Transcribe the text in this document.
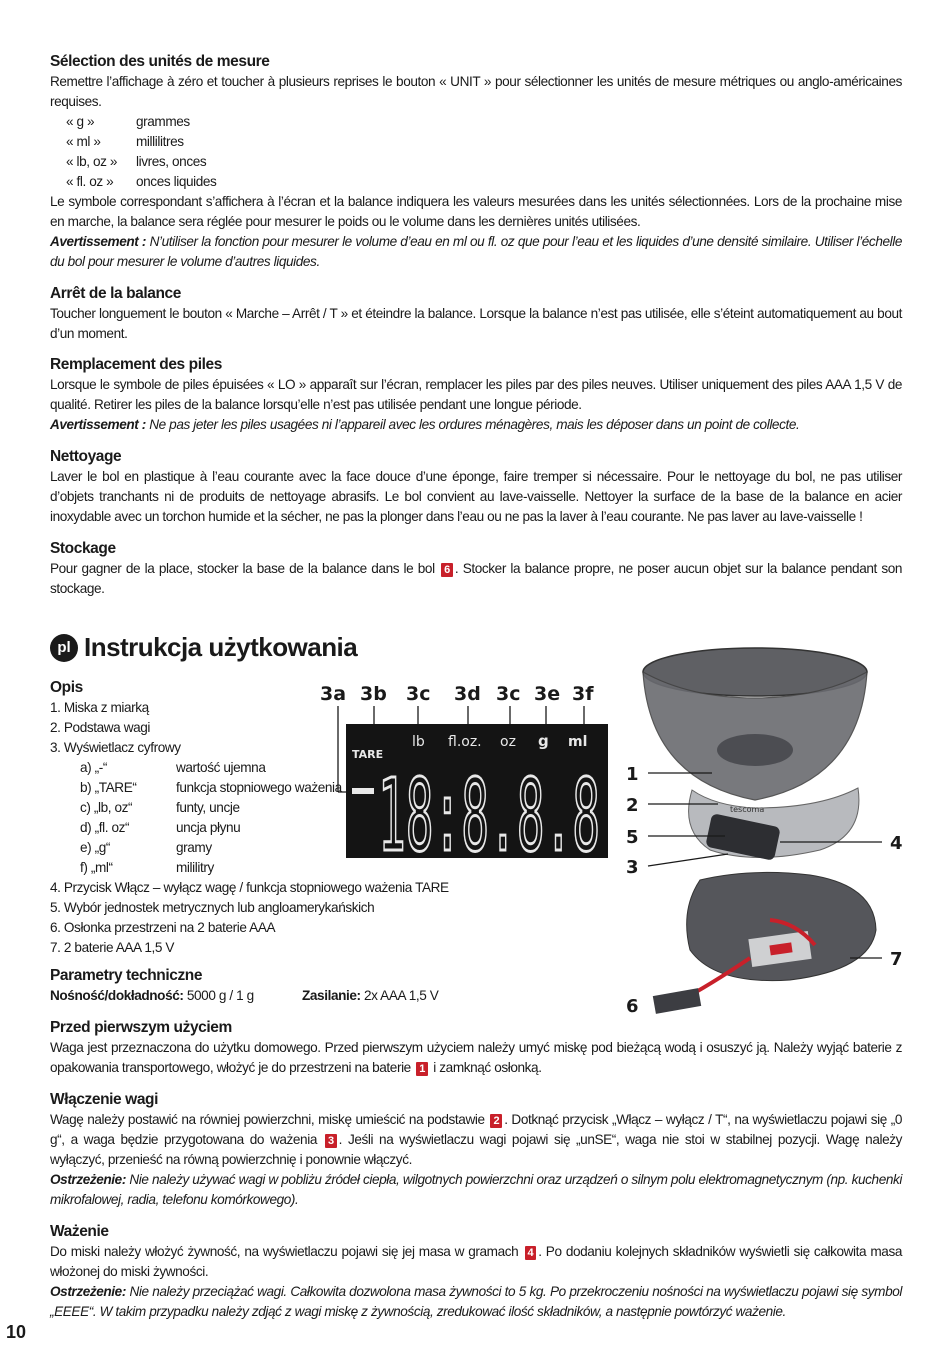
Sélection des unités de mesure

Remettre l’affichage à zéro et toucher à plusieurs reprises le bouton « UNIT » pour sélectionner les unités de mesure métriques ou anglo-américaines requises.

« g »	grammes
« ml »	millilitres
« lb, oz »	livres, onces
« fl. oz »	onces liquides

Le symbole correspondant s’affichera à l’écran et la balance indiquera les valeurs mesurées dans les unités sélectionnées. Lors de la prochaine mise en marche, la balance sera réglée pour mesurer le poids ou le volume dans les dernières unités utilisées.

Avertissement : N’utiliser la fonction pour mesurer le volume d’eau en ml ou fl. oz que pour l’eau et les liquides d’une densité similaire. Utiliser l’échelle du bol pour mesurer le volume d’autres liquides.

Arrêt de la balance

Toucher longuement le bouton « Marche – Arrêt / T » et éteindre la balance. Lorsque la balance n’est pas utilisée, elle s’éteint automatiquement au bout d’un moment.

Remplacement des piles

Lorsque le symbole de piles épuisées « LO » apparaît sur l’écran, remplacer les piles par des piles neuves. Utiliser uniquement des piles AAA 1,5 V de qualité. Retirer les piles de la balance lorsqu’elle n’est pas utilisée pendant une longue période.

Avertissement : Ne pas jeter les piles usagées ni l’appareil avec les ordures ménagères, mais les déposer dans un point de collecte.

Nettoyage

Laver le bol en plastique à l’eau courante avec la face douce d’une éponge, faire tremper si nécessaire. Pour le nettoyage du bol, ne pas utiliser d’objets tranchants ni de produits de nettoyage abrasifs. Le bol convient au lave-vaisselle. Nettoyer la surface de la base de la balance en acier inoxydable avec un torchon humide et la sécher, ne pas la plonger dans l’eau ou ne pas la laver à l’eau courante. Ne pas laver au lave-vaisselle !

Stockage

Pour gagner de la place, stocker la base de la balance dans le bol 6 . Stocker la balance propre, ne poser aucun objet sur la balance pendant son stockage.

pl Instrukcja użytkowania
Opis
1. Miska z miarką
2. Podstawa wagi
3. Wyświetlacz cyfrowy
a) „-“	wartość ujemna
b) „TARE“	funkcja stopniowego ważenia
c) „lb, oz“	funty, uncje
d) „fl. oz“	uncja płynu
e) „g“	gramy
f) „ml“	mililitry
4. Przycisk Włącz – wyłącz wagę / funkcja stopniowego ważenia TARE
5. Wybór jednostek metrycznych lub angloamerykańskich
6. Osłonka przestrzeni na 2 baterie AAA
7. 2 baterie AAA 1,5 V
3a 3b 3c 3d 3c 3e 3f
TARE
lb fl.oz. oz g ml
18:8.8.8	tescoma
1
2
5
3
4
7
6
Parametry techniczne
Nośność/dokładność: 5000 g / 1 g	Zasilanie: 2x AAA 1,5 V
Przed pierwszym użyciem

Waga jest przeznaczona do użytku domowego. Przed pierwszym użyciem należy umyć miskę pod bieżącą wodą i osuszyć ją. Należy wyjąć baterie z opakowania transportowego, włożyć je do przestrzeni na baterie 1 i zamknąć osłonką.

Włączenie wagi

Wagę należy postawić na równiej powierzchni, miskę umieścić na podstawie 2 . Dotknąć przycisk „Włącz – wyłącz / T“, na wyświetlaczu pojawi się „0 g“, a waga będzie przygotowana do ważenia 3 . Jeśli na wyświetlaczu wagi pojawi się „unSE“, waga nie stoi w stabilnej pozycji. Wagę należy wyłączyć, przenieść na równą powierzchnię i ponownie włączyć.

Ostrzeżenie: Nie należy używać wagi w pobliżu źródeł ciepła, wilgotnych powierzchni oraz urządzeń o silnym polu elektromagnetycznym (np. kuchenki mikrofalowej, radia, telefonu komórkowego).

Ważenie

Do miski należy włożyć żywność, na wyświetlaczu pojawi się jej masa w gramach 4 . Po dodaniu kolejnych składników wyświetli się całkowita masa włożonej do miski żywności.

Ostrzeżenie: Nie należy przeciążać wagi. Całkowita dozwolona masa żywności to 5 kg. Po przekroczeniu nośności na wyświetlaczu pojawi się symbol „EEEE“. W takim przypadku należy zdjąć z wagi miskę z żywnością, zredukować ilość składników, a następnie powtórzyć ważenie.

10
